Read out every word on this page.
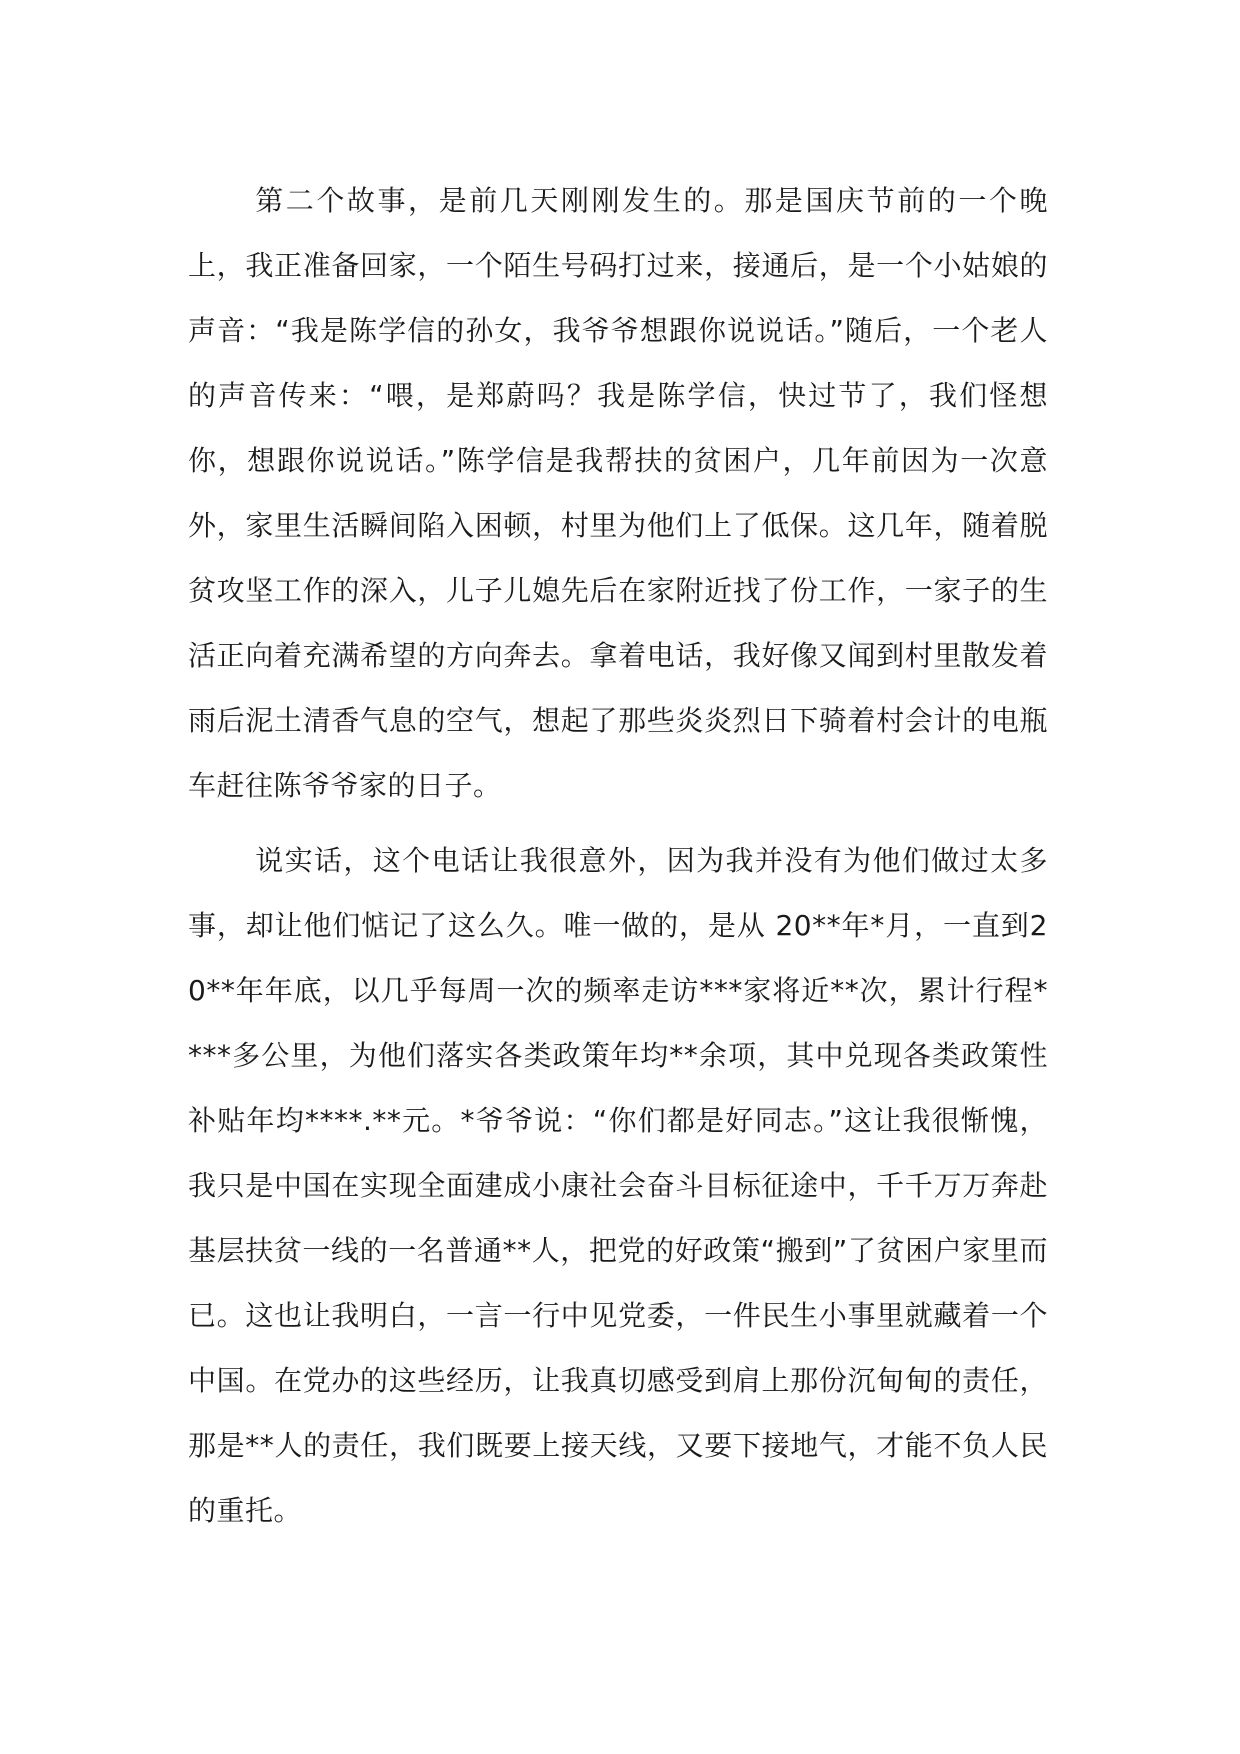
第二个故事，是前几天刚刚发生的。那是国庆节前的一个晚上，我正准备回家，一个陌生号码打过来，接通后，是一个小姑娘的声音：“我是陈学信的孙女，我爷爷想跟你说说话。”随后，一个老人的声音传来：“喂，是郑蔚吗？我是陈学信，快过节了，我们怪想你，想跟你说说话。”陈学信是我帮扶的贫困户，几年前因为一次意外，家里生活瞬间陷入困顿，村里为他们上了低保。这几年，随着脱贫攻坚工作的深入，儿子儿媳先后在家附近找了份工作，一家子的生活正向着充满希望的方向奔去。拿着电话，我好像又闻到村里散发着雨后泥土清香气息的空气，想起了那些炎炎烈日下骑着村会计的电瓶车赶往陈爷爷家的日子。

说实话，这个电话让我很意外，因为我并没有为他们做过太多事，却让他们惦记了这么久。唯一做的，是从 20**年*月，一直到20**年年底，以几乎每周一次的频率走访***家将近**次，累计行程****多公里，为他们落实各类政策年均**余项，其中兑现各类政策性补贴年均****.**元。*爷爷说：“你们都是好同志。”这让我很惭愧，我只是中国在实现全面建成小康社会奋斗目标征途中，千千万万奔赴基层扶贫一线的一名普通**人，把党的好政策“搬到”了贫困户家里而已。这也让我明白，一言一行中见党委，一件民生小事里就藏着一个中国。在党办的这些经历，让我真切感受到肩上那份沉甸甸的责任，那是**人的责任，我们既要上接天线，又要下接地气，才能不负人民的重托。
